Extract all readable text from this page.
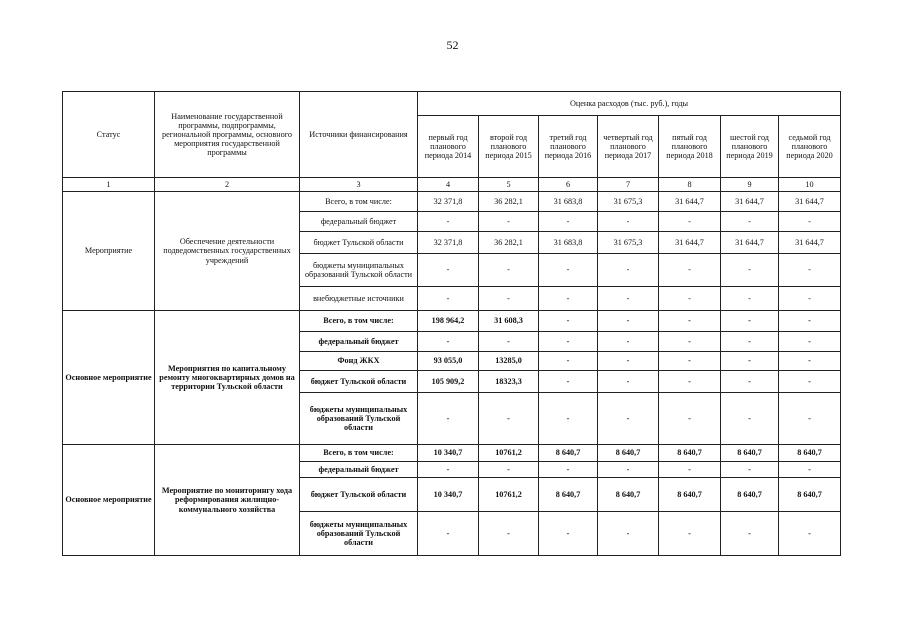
52
Статус	Наименование государственной программы, подпрограммы, региональной программы, основного мероприятия государственной программы	Источники финансирования	Оценка расходов (тыс. руб.), годы						
			первый год планового периода 2014	второй год планового периода 2015	третий год планового периода 2016	четвертый год планового периода 2017	пятый год планового периода 2018	шестой год планового периода 2019	седьмой год планового периода 2020
1	2	3	4	5	6	7	8	9	10
Мероприятие	Обеспечение деятельности подведомственных государственных учреждений	Всего, в том числе:	32 371,8	36 282,1	31 683,8	31 675,3	31 644,7	31 644,7	31 644,7
		федеральный бюджет	-	-	-	-	-	-	-
		бюджет Тульской области	32 371,8	36 282,1	31 683,8	31 675,3	31 644,7	31 644,7	31 644,7
		бюджеты муниципальных образований Тульской области	-	-	-	-	-	-	-
		внебюджетные источники	-	-	-	-	-	-	-
Основное мероприятие	Мероприятия по капитальному ремонту многоквартирных домов на территории Тульской области	Всего, в том числе:	198 964,2	31 608,3	-	-	-	-	-
		федеральный бюджет	-	-	-	-	-	-	-
		Фонд ЖКХ	93 055,0	13285,0	-	-	-	-	-
		бюджет Тульской области	105 909,2	18323,3	-	-	-	-	-
		бюджеты муниципальных образований Тульской области	-	-	-	-	-	-	-
Основное мероприятие	Мероприятие по мониторингу хода реформирования жилищно-коммунального хозяйства	Всего, в том числе:	10 340,7	10761,2	8 640,7	8 640,7	8 640,7	8 640,7	8 640,7
		федеральный бюджет	-	-	-	-	-	-	-
		бюджет Тульской области	10 340,7	10761,2	8 640,7	8 640,7	8 640,7	8 640,7	8 640,7
		бюджеты муниципальных образований Тульской области	-	-	-	-	-	-	-
